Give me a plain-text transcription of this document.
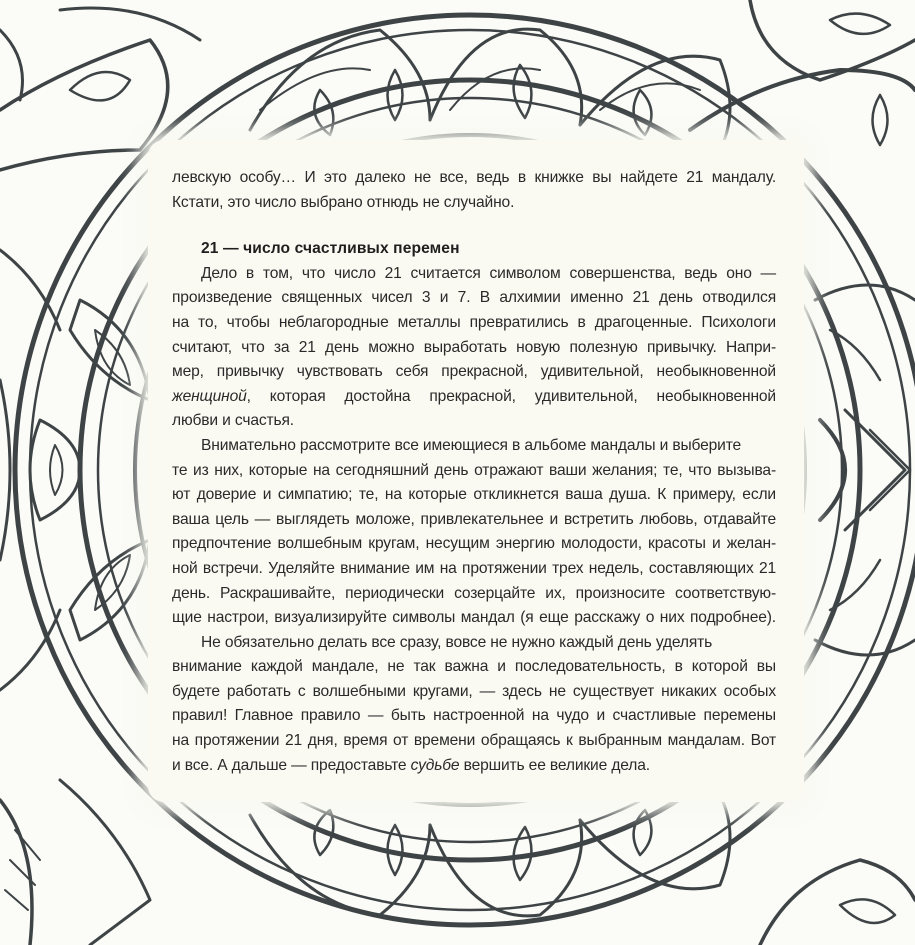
левскую особу… И это далеко не все, ведь в книжке вы найдете 21 мандалу.
Кстати, это число выбрано отнюдь не случайно.
21 — число счастливых перемен
Дело в том, что число 21 считается символом совершенства, ведь оно —
произведение священных чисел 3 и 7. В алхимии именно 21 день отводился
на то, чтобы неблагородные металлы превратились в драгоценные. Психологи
считают, что за 21 день можно выработать новую полезную привычку. Напри-
мер, привычку чувствовать себя прекрасной, удивительной, необыкновенной
женщиной, которая достойна прекрасной, удивительной, необыкновенной
любви и счастья.
Внимательно рассмотрите все имеющиеся в альбоме мандалы и выберите
те из них, которые на сегодняшний день отражают ваши желания; те, что вызыва-
ют доверие и симпатию; те, на которые откликнется ваша душа. К примеру, если
ваша цель — выглядеть моложе, привлекательнее и встретить любовь, отдавайте
предпочтение волшебным кругам, несущим энергию молодости, красоты и желан-
ной встречи. Уделяйте внимание им на протяжении трех недель, составляющих 21
день. Раскрашивайте, периодически созерцайте их, произносите соответствую-
щие настрои, визуализируйте символы мандал (я еще расскажу о них подробнее).
Не обязательно делать все сразу, вовсе не нужно каждый день уделять
внимание каждой мандале, не так важна и последовательность, в которой вы
будете работать с волшебными кругами, — здесь не существует никаких особых
правил! Главное правило — быть настроенной на чудо и счастливые перемены
на протяжении 21 дня, время от времени обращаясь к выбранным мандалам. Вот
и все. А дальше — предоставьте судьбе вершить ее великие дела.
